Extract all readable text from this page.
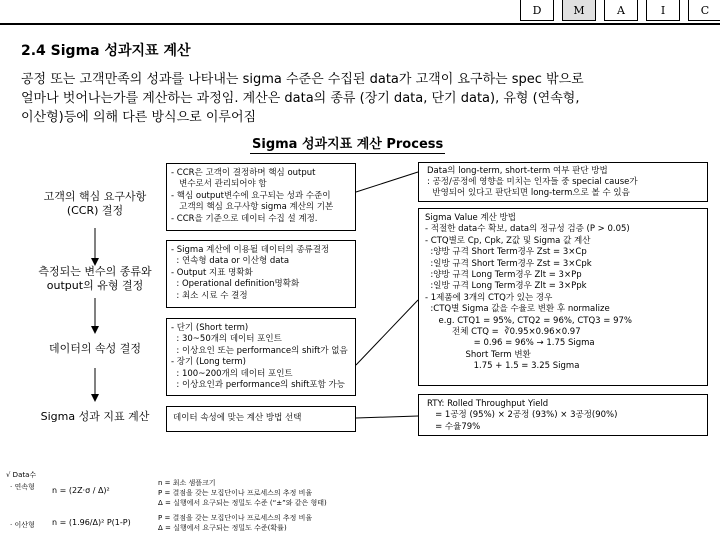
D	M	A	I	C
2.4 Sigma 성과지표 계산
공정 또는 고객만족의 성과를 나타내는 sigma 수준은 수집된 data가 고객이 요구하는 spec 밖으로
얼마나 벗어나는가를 계산하는 과정임. 계산은 data의 종류 (장기 data, 단기 data), 유형 (연속형,
이산형)등에 의해 다른 방식으로 이루어짐
Sigma 성과지표 계산 Process
고객의 핵심 요구사항
(CCR) 결정
측정되는 변수의 종류와
output의 유형 결정
데이터의 속성 결정
Sigma 성과 지표 계산
- CCR은 고객이 결정하며 핵심 output
변수로서 관리되어야 함
- 핵심 output변수에 요구되는 성과 수준이
고객의 핵심 요구사항 sigma 계산의 기본
- CCR을 기준으로 데이터 수집 설 계정.
- Sigma 계산에 이용될 데이터의 종류결정
: 연속형 data or 이산형 data
- Output 지표 명확화
: Operational definition명확화
: 최소 시료 수 결정
- 단기 (Short term)
: 30~50개의 데이터 포인트
: 이상요인 또는 performance의 shift가 없음
- 장기 (Long term)
: 100~200개의 데이터 포인트
: 이상요인과 performance의 shift포함 가능
데이터 속성에 맞는 계산 방법 선택
Data의 long-term, short-term 여부 판단 방법
: 공정/공정에 영향을 미치는 인자들 중 special cause가
반영되어 있다고 판단되면 long-term으로 볼 수 있음
Sigma Value 계산 방법
- 적절한 data수 확보, data의 정규성 검증 (P > 0.05)
- CTQ별로 Cp, Cpk, Z값 및 Sigma 값 계산
:양방 규격 Short Term경우 Zst = 3×Cp
:일방 규격 Short Term경우 Zst = 3×Cpk
:양방 규격 Long Term경우 Zlt = 3×Pp
:일방 규격 Long Term경우 Zlt = 3×Ppk
- 1제품에 3개의 CTQ가 있는 경우
:CTQ별 Sigma 값을 수율로 변환 후 normalize
e.g. CTQ1 = 95%, CTQ2 = 96%, CTQ3 = 97%
전체 CTQ =  ∛0.95×0.96×0.97
= 0.96 = 96% → 1.75 Sigma
Short Term 변환
1.75 + 1.5 = 3.25 Sigma
RTY: Rolled Throughput Yield
= 1공정 (95%) × 2공정 (93%) × 3공정(90%)
= 수율79%
√ Data수
· 연속형 n = (2Z·σ / Δ)²
n = 최소 샘플크기
P = 결점을 갖는 모집단이나 프로세스의 추정 비율
Δ = 실행에서 요구되는 정밀도 수준 (“±”와 같은 형태)
· 이산형 n = (1.96/Δ)² P(1-P)	P = 결점을 갖는 모집단이나 프로세스의 추정 비율
Δ = 실행에서 요구되는 정밀도 수준(확률)
